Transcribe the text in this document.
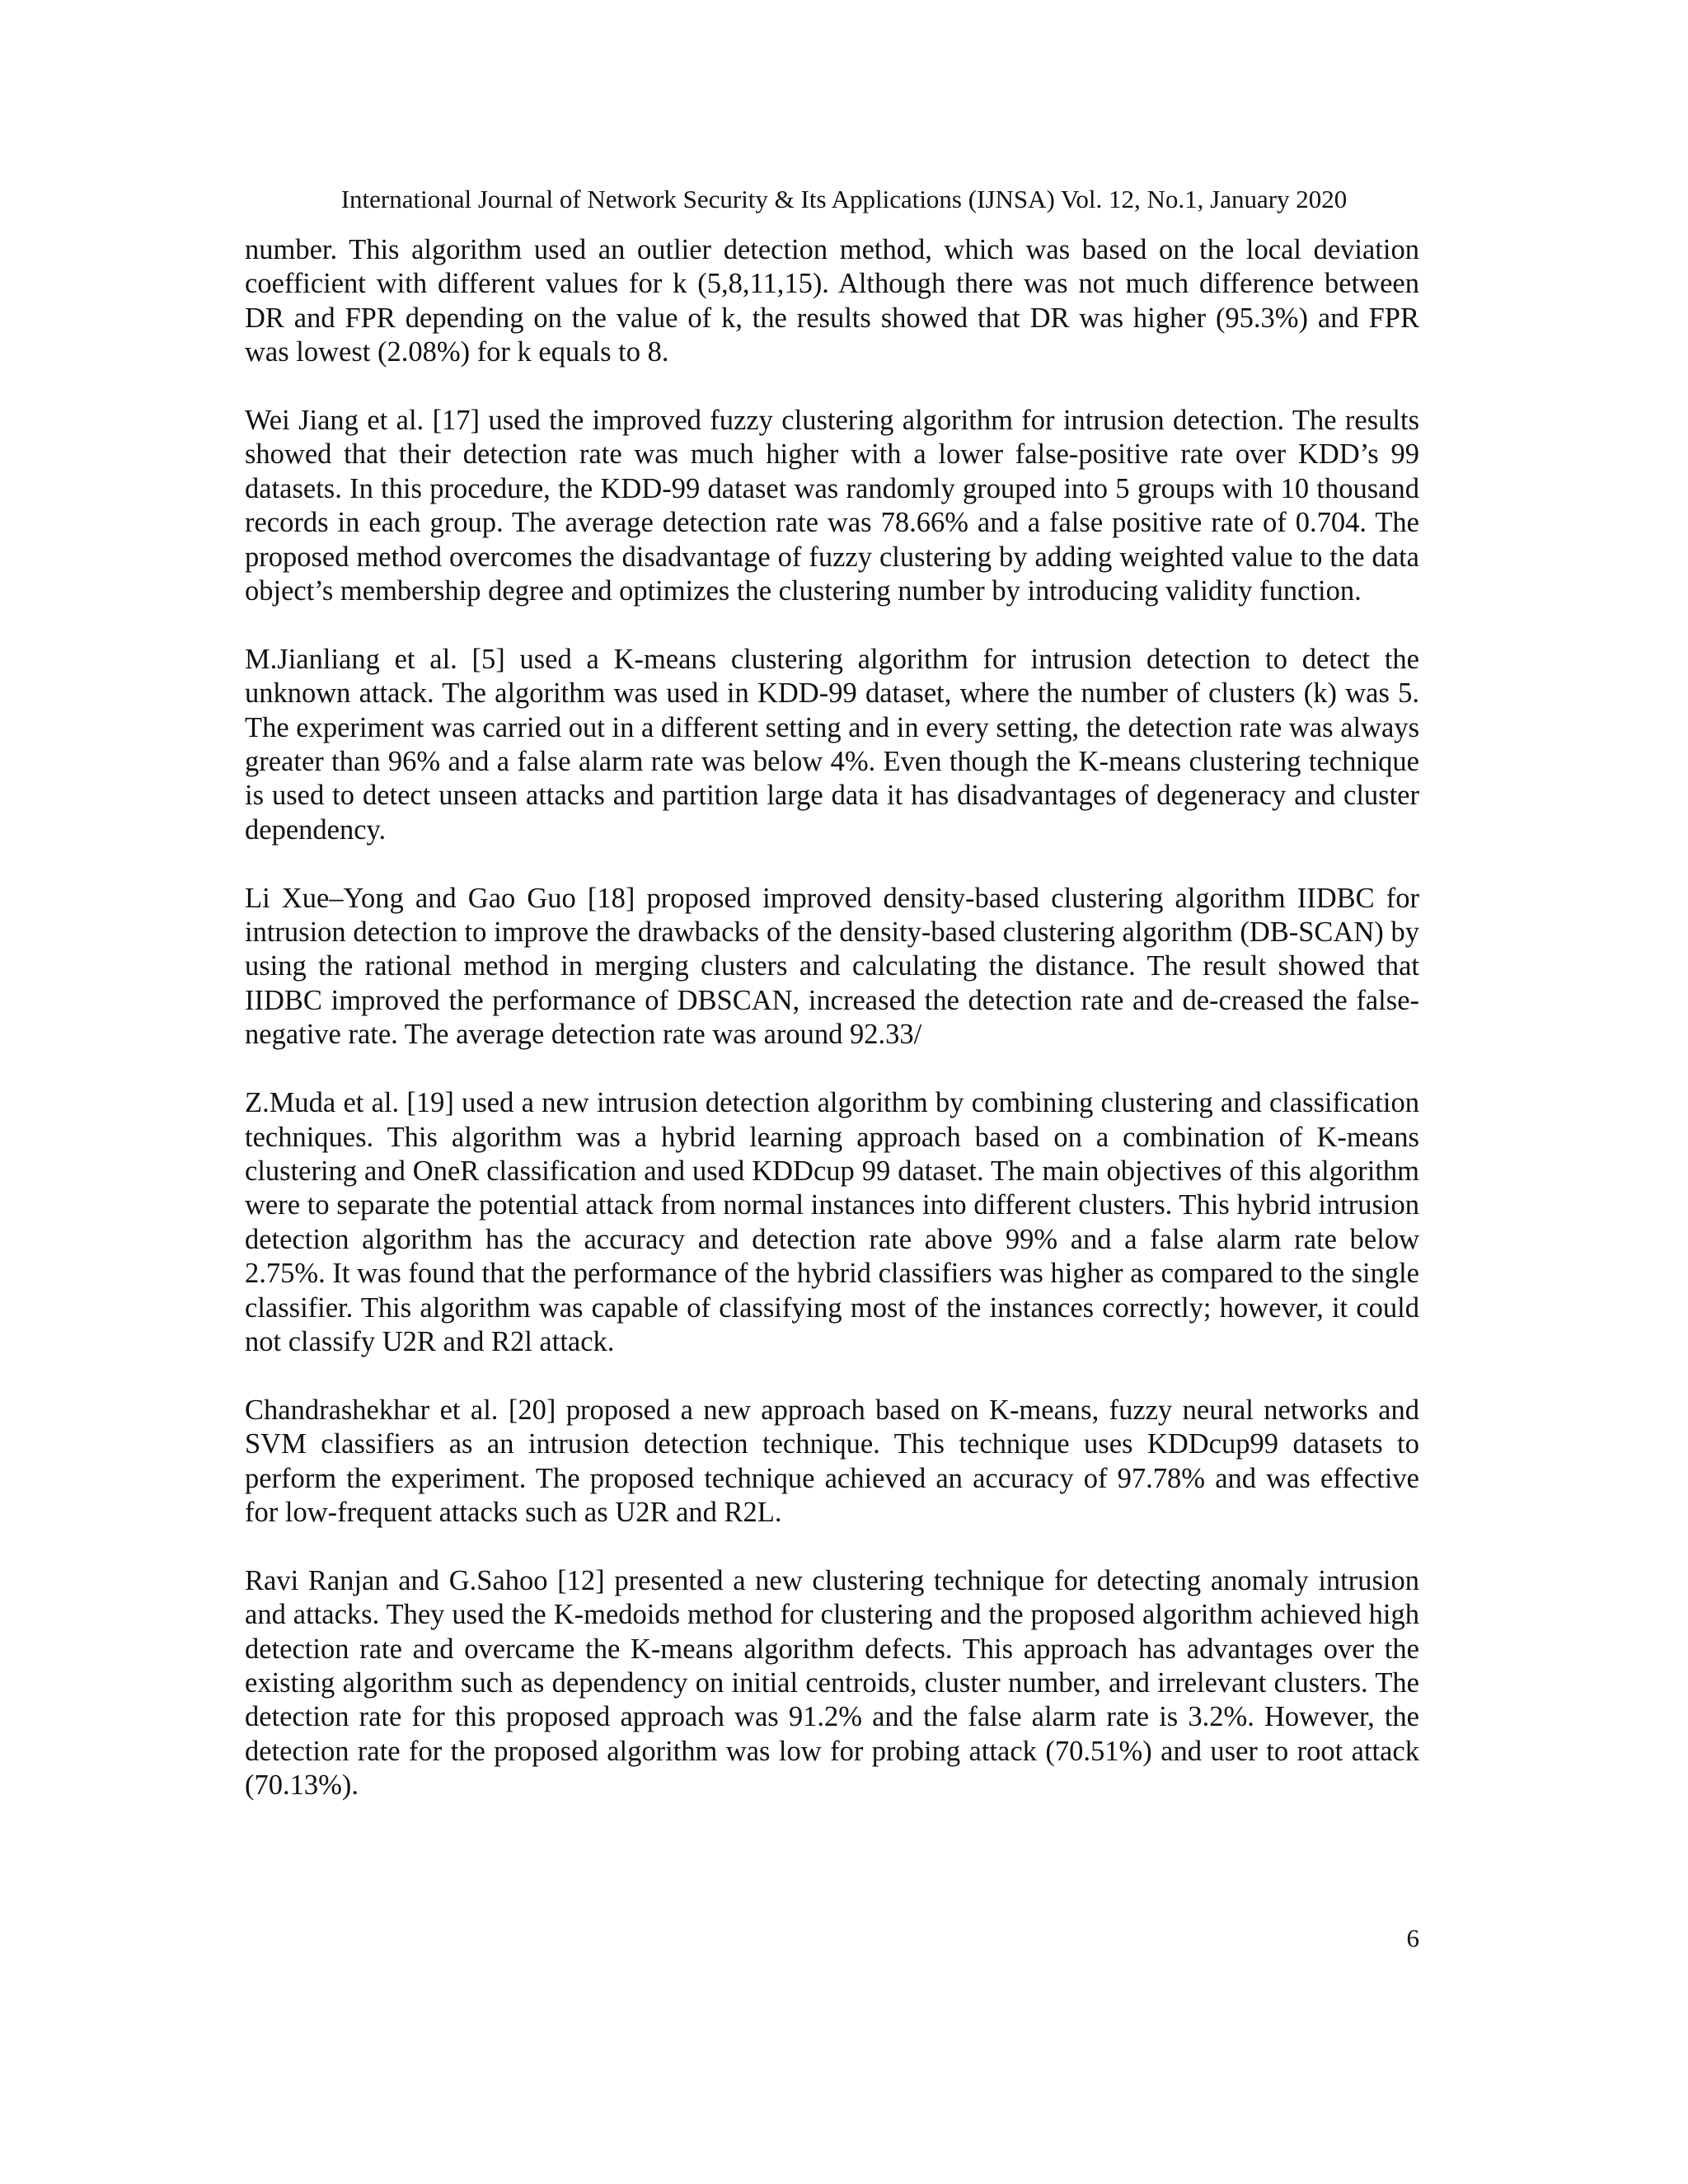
International Journal of Network Security & Its Applications (IJNSA) Vol. 12, No.1, January 2020

number. This algorithm used an outlier detection method, which was based on the local deviation coefficient with different values for k (5,8,11,15). Although there was not much difference between DR and FPR depending on the value of k, the results showed that DR was higher (95.3%) and FPR was lowest (2.08%) for k equals to 8.

Wei Jiang et al. [17] used the improved fuzzy clustering algorithm for intrusion detection. The results showed that their detection rate was much higher with a lower false-positive rate over KDD’s 99 datasets. In this procedure, the KDD-99 dataset was randomly grouped into 5 groups with 10 thousand records in each group. The average detection rate was 78.66% and a false positive rate of 0.704. The proposed method overcomes the disadvantage of fuzzy clustering by adding weighted value to the data object’s membership degree and optimizes the clustering number by introducing validity function.

M.Jianliang et al. [5] used a K-means clustering algorithm for intrusion detection to detect the unknown attack. The algorithm was used in KDD-99 dataset, where the number of clusters (k) was 5. The experiment was carried out in a different setting and in every setting, the detection rate was always greater than 96% and a false alarm rate was below 4%. Even though the K-means clustering technique is used to detect unseen attacks and partition large data it has disadvantages of degeneracy and cluster dependency.

Li Xue–Yong and Gao Guo [18] proposed improved density-based clustering algorithm IIDBC for intrusion detection to improve the drawbacks of the density-based clustering algorithm (DB-SCAN) by using the rational method in merging clusters and calculating the distance. The result showed that IIDBC improved the performance of DBSCAN, increased the detection rate and de-creased the false-negative rate. The average detection rate was around 92.33/

Z.Muda et al. [19] used a new intrusion detection algorithm by combining clustering and classification techniques. This algorithm was a hybrid learning approach based on a combination of K-means clustering and OneR classification and used KDDcup 99 dataset. The main objectives of this algorithm were to separate the potential attack from normal instances into different clusters. This hybrid intrusion detection algorithm has the accuracy and detection rate above 99% and a false alarm rate below 2.75%. It was found that the performance of the hybrid classifiers was higher as compared to the single classifier. This algorithm was capable of classifying most of the instances correctly; however, it could not classify U2R and R2l attack.

Chandrashekhar et al. [20] proposed a new approach based on K-means, fuzzy neural networks and SVM classifiers as an intrusion detection technique. This technique uses KDDcup99 datasets to perform the experiment. The proposed technique achieved an accuracy of 97.78% and was effective for low-frequent attacks such as U2R and R2L.

Ravi Ranjan and G.Sahoo [12] presented a new clustering technique for detecting anomaly intrusion and attacks. They used the K-medoids method for clustering and the proposed algorithm achieved high detection rate and overcame the K-means algorithm defects. This approach has advantages over the existing algorithm such as dependency on initial centroids, cluster number, and irrelevant clusters. The detection rate for this proposed approach was 91.2% and the false alarm rate is 3.2%. However, the detection rate for the proposed algorithm was low for probing attack (70.51%) and user to root attack (70.13%).

6
